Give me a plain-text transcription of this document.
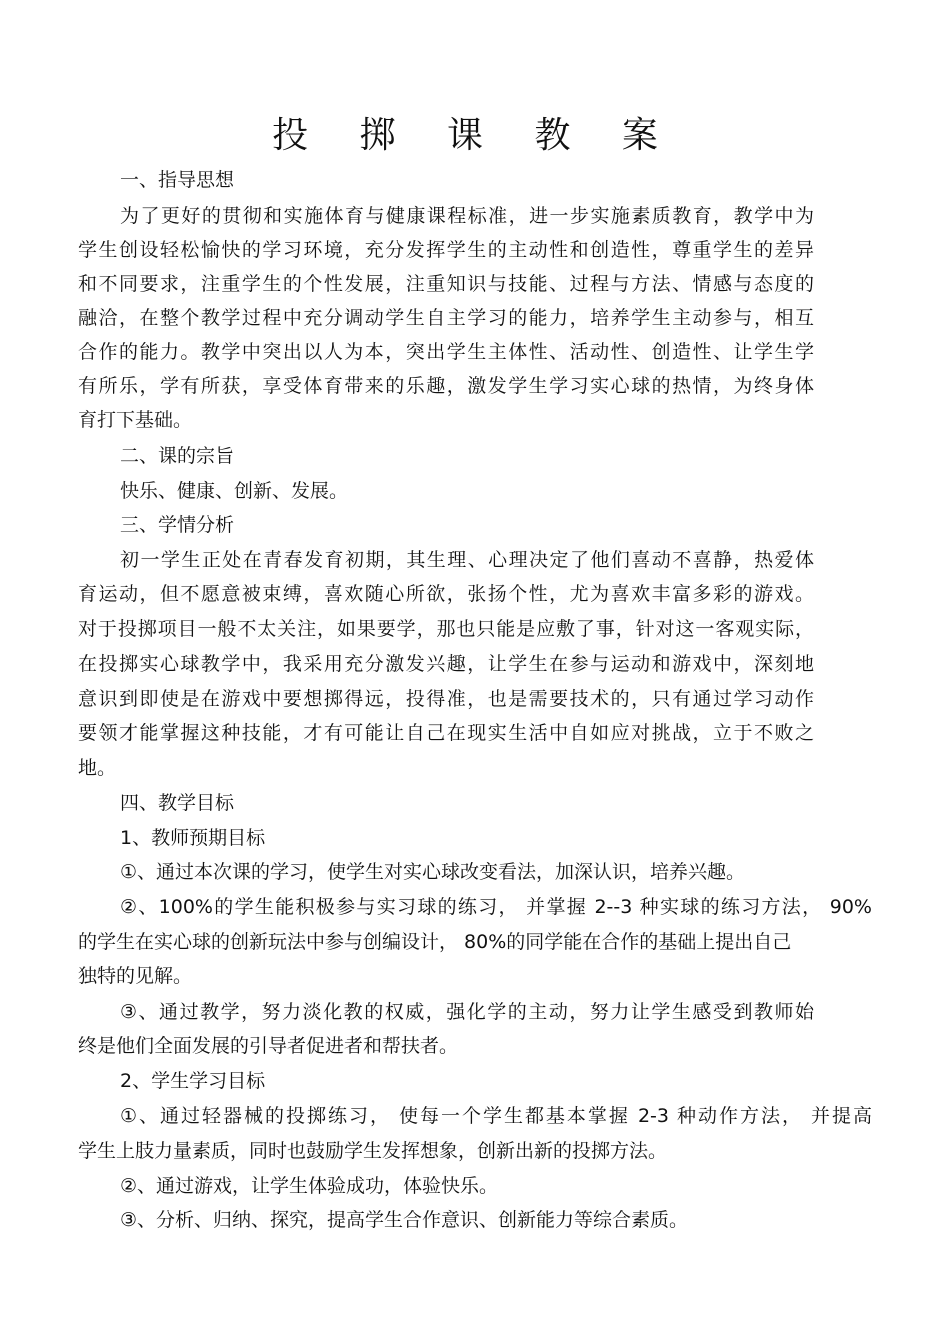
投 掷 课 教 案
一、指导思想
为了更好的贯彻和实施体育与健康课程标准，进一步实施素质教育，教学中为
学生创设轻松愉快的学习环境，充分发挥学生的主动性和创造性，尊重学生的差异
和不同要求，注重学生的个性发展，注重知识与技能、过程与方法、情感与态度的
融洽，在整个教学过程中充分调动学生自主学习的能力，培养学生主动参与，相互
合作的能力。教学中突出以人为本，突出学生主体性、活动性、创造性、让学生学
有所乐，学有所获，享受体育带来的乐趣，激发学生学习实心球的热情，为终身体
育打下基础。
二、课的宗旨
快乐、健康、创新、发展。
三、学情分析
初一学生正处在青春发育初期，其生理、心理决定了他们喜动不喜静，热爱体
育运动，但不愿意被束缚，喜欢随心所欲，张扬个性，尤为喜欢丰富多彩的游戏。
对于投掷项目一般不太关注，如果要学，那也只能是应敷了事，针对这一客观实际，
在投掷实心球教学中，我采用充分激发兴趣，让学生在参与运动和游戏中，深刻地
意识到即使是在游戏中要想掷得远，投得准，也是需要技术的，只有通过学习动作
要领才能掌握这种技能，才有可能让自己在现实生活中自如应对挑战，立于不败之
地。
四、教学目标
1、教师预期目标
①、通过本次课的学习，使学生对实心球改变看法，加深认识，培养兴趣。
②、100%的学生能积极参与实习球的练习， 并掌握 2--3 种实球的练习方法， 90%
的学生在实心球的创新玩法中参与创编设计， 80%的同学能在合作的基础上提出自己
独特的见解。
③、通过教学，努力淡化教的权威，强化学的主动，努力让学生感受到教师始
终是他们全面发展的引导者促进者和帮扶者。
2、学生学习目标
①、通过轻器械的投掷练习， 使每一个学生都基本掌握 2-3 种动作方法， 并提高
学生上肢力量素质，同时也鼓励学生发挥想象，创新出新的投掷方法。
②、通过游戏，让学生体验成功，体验快乐。
③、分析、归纳、探究，提高学生合作意识、创新能力等综合素质。
